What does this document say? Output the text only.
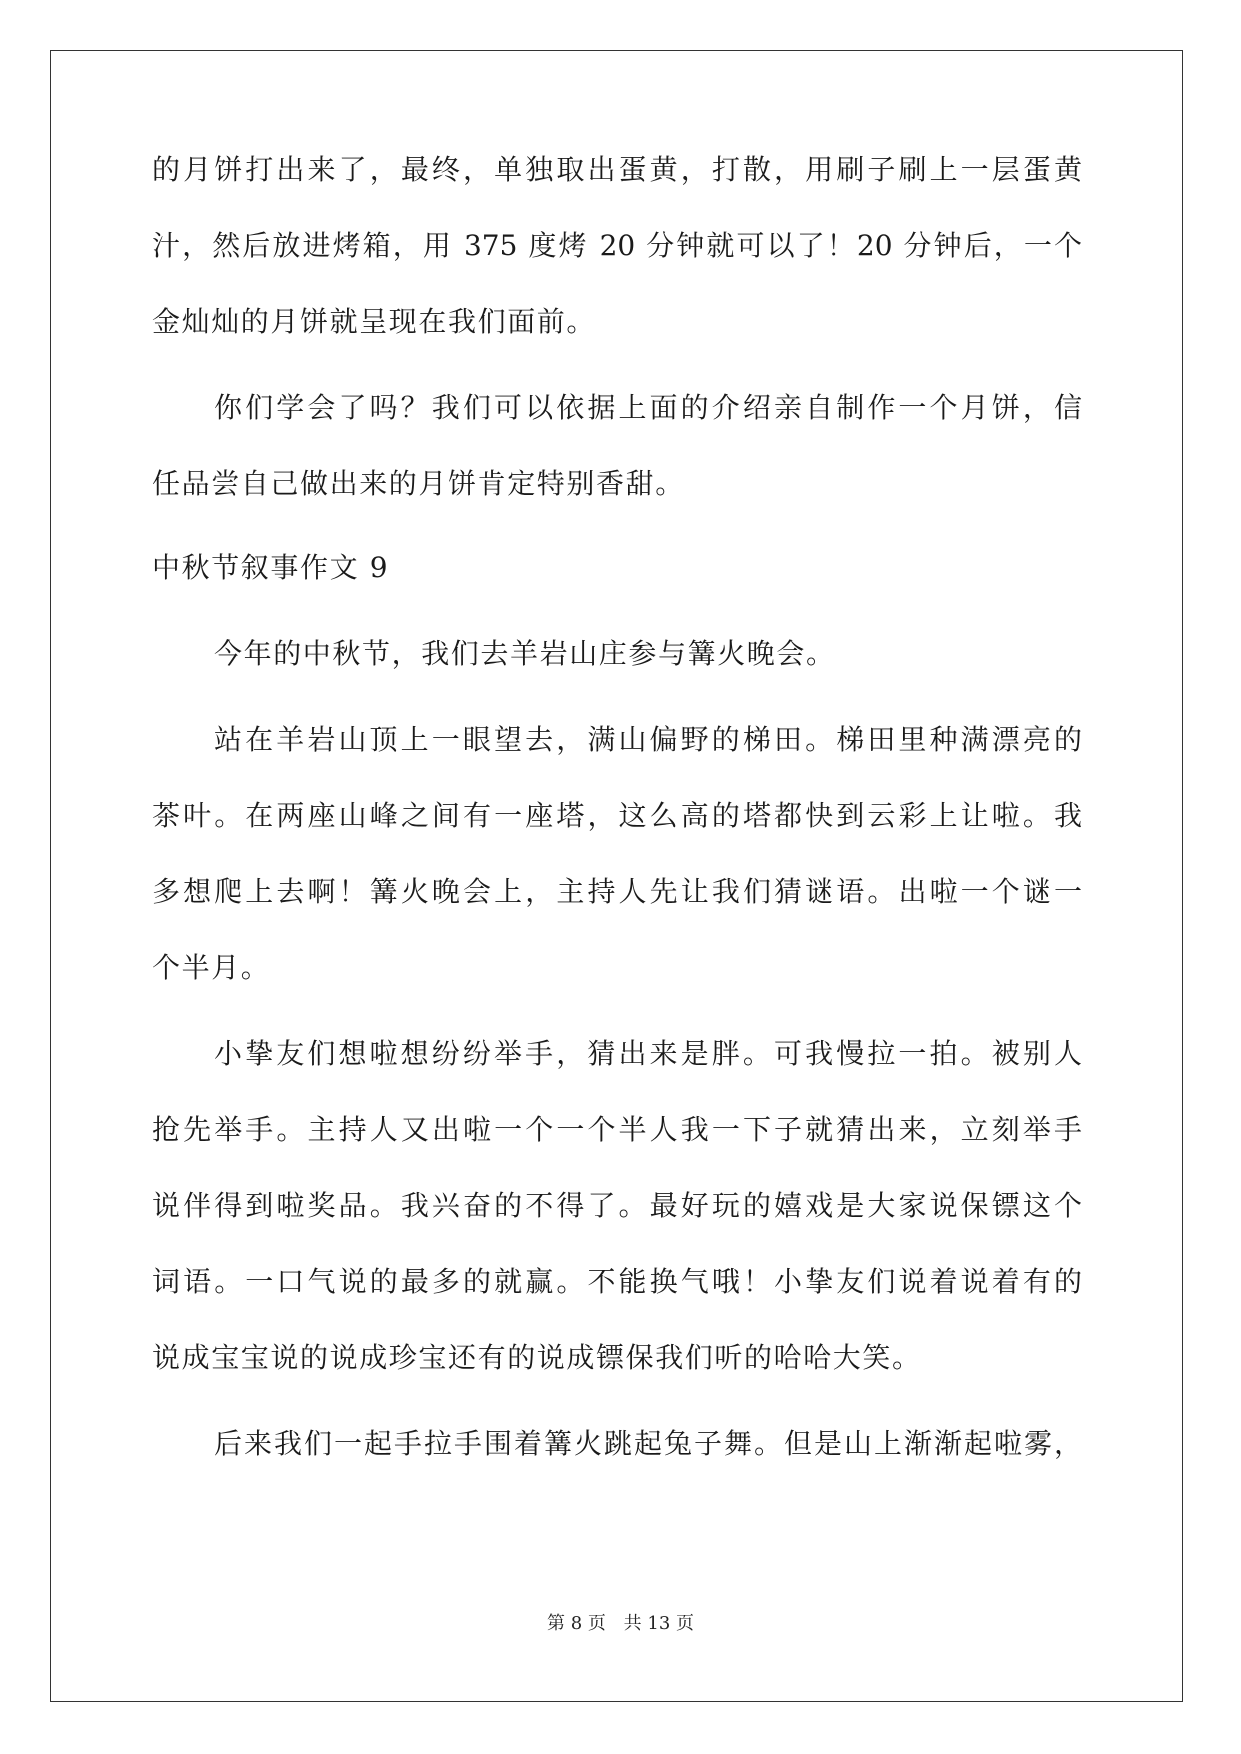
的月饼打出来了，最终，单独取出蛋黄，打散，用刷子刷上一层蛋黄
汁，然后放进烤箱，用 375 度烤 20 分钟就可以了！20 分钟后，一个
金灿灿的月饼就呈现在我们面前。
你们学会了吗？我们可以依据上面的介绍亲自制作一个月饼，信
任品尝自己做出来的月饼肯定特别香甜。
中秋节叙事作文 9
今年的中秋节，我们去羊岩山庄参与篝火晚会。
站在羊岩山顶上一眼望去，满山偏野的梯田。梯田里种满漂亮的
茶叶。在两座山峰之间有一座塔，这么高的塔都快到云彩上让啦。我
多想爬上去啊！篝火晚会上，主持人先让我们猜谜语。出啦一个谜一
个半月。
小挚友们想啦想纷纷举手，猜出来是胖。可我慢拉一拍。被别人
抢先举手。主持人又出啦一个一个半人我一下子就猜出来，立刻举手
说伴得到啦奖品。我兴奋的不得了。最好玩的嬉戏是大家说保镖这个
词语。一口气说的最多的就赢。不能换气哦！小挚友们说着说着有的
说成宝宝说的说成珍宝还有的说成镖保我们听的哈哈大笑。
后来我们一起手拉手围着篝火跳起兔子舞。但是山上渐渐起啦雾，
第 8 页 共 13 页
